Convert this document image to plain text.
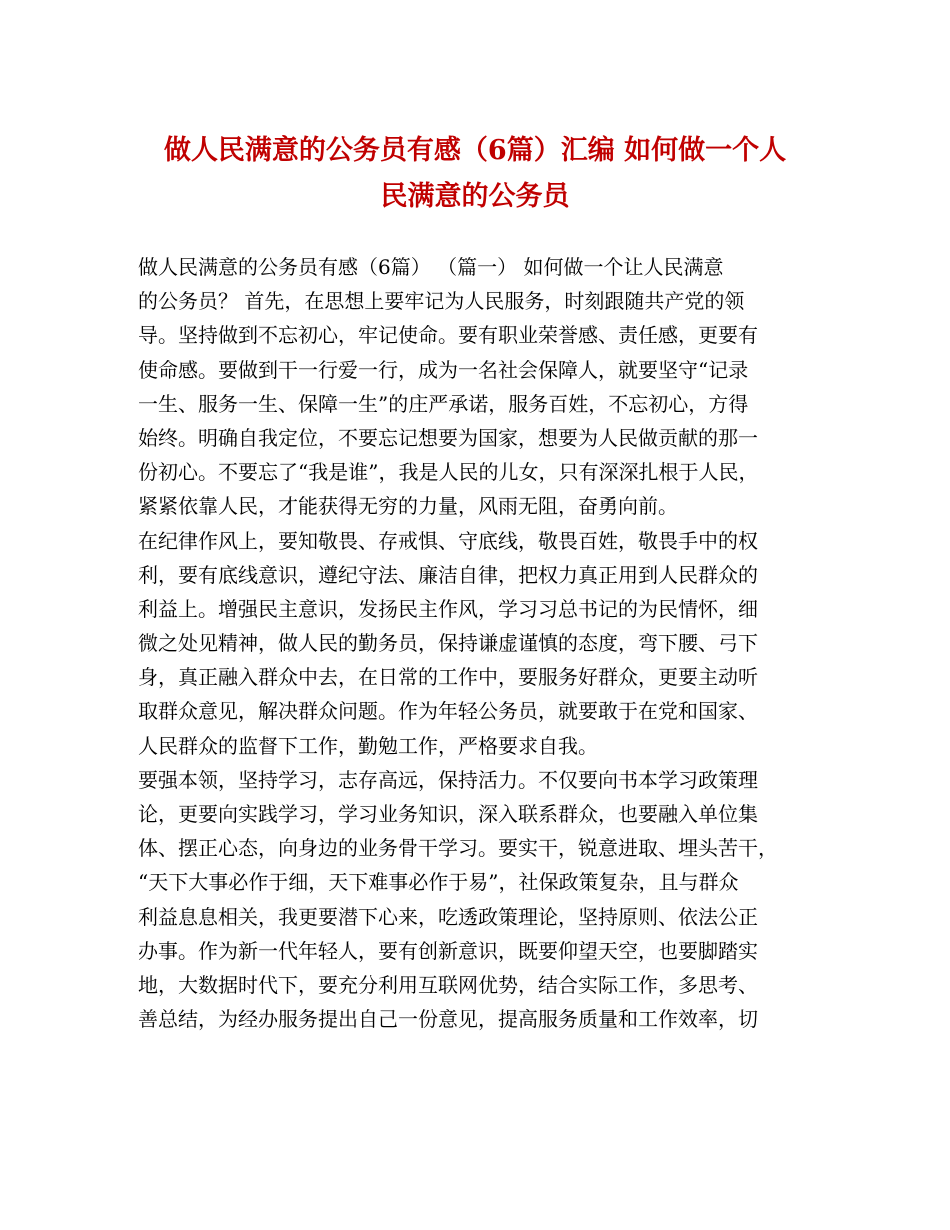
做人民满意的公务员有感（6篇）汇编 如何做一个人
民满意的公务员
做人民满意的公务员有感（6篇） （篇一） 如何做一个让人民满意
的公务员？ 首先，在思想上要牢记为人民服务，时刻跟随共产党的领
导。坚持做到不忘初心，牢记使命。要有职业荣誉感、责任感，更要有
使命感。要做到干一行爱一行，成为一名社会保障人，就要坚守“记录
一生、服务一生、保障一生”的庄严承诺，服务百姓，不忘初心，方得
始终。明确自我定位，不要忘记想要为国家，想要为人民做贡献的那一
份初心。不要忘了“我是谁”，我是人民的儿女，只有深深扎根于人民，
紧紧依靠人民，才能获得无穷的力量，风雨无阻，奋勇向前。
在纪律作风上，要知敬畏、存戒惧、守底线，敬畏百姓，敬畏手中的权
利，要有底线意识，遵纪守法、廉洁自律，把权力真正用到人民群众的
利益上。增强民主意识，发扬民主作风，学习习总书记的为民情怀，细
微之处见精神，做人民的勤务员，保持谦虚谨慎的态度，弯下腰、弓下
身，真正融入群众中去，在日常的工作中，要服务好群众，更要主动听
取群众意见，解决群众问题。作为年轻公务员，就要敢于在党和国家、
人民群众的监督下工作，勤勉工作，严格要求自我。
要强本领，坚持学习，志存高远，保持活力。不仅要向书本学习政策理
论，更要向实践学习，学习业务知识，深入联系群众，也要融入单位集
体、摆正心态，向身边的业务骨干学习。要实干，锐意进取、埋头苦干，
“天下大事必作于细，天下难事必作于易”，社保政策复杂，且与群众
利益息息相关，我更要潜下心来，吃透政策理论，坚持原则、依法公正
办事。作为新一代年轻人，要有创新意识，既要仰望天空，也要脚踏实
地，大数据时代下，要充分利用互联网优势，结合实际工作，多思考、
善总结，为经办服务提出自己一份意见，提高服务质量和工作效率，切
